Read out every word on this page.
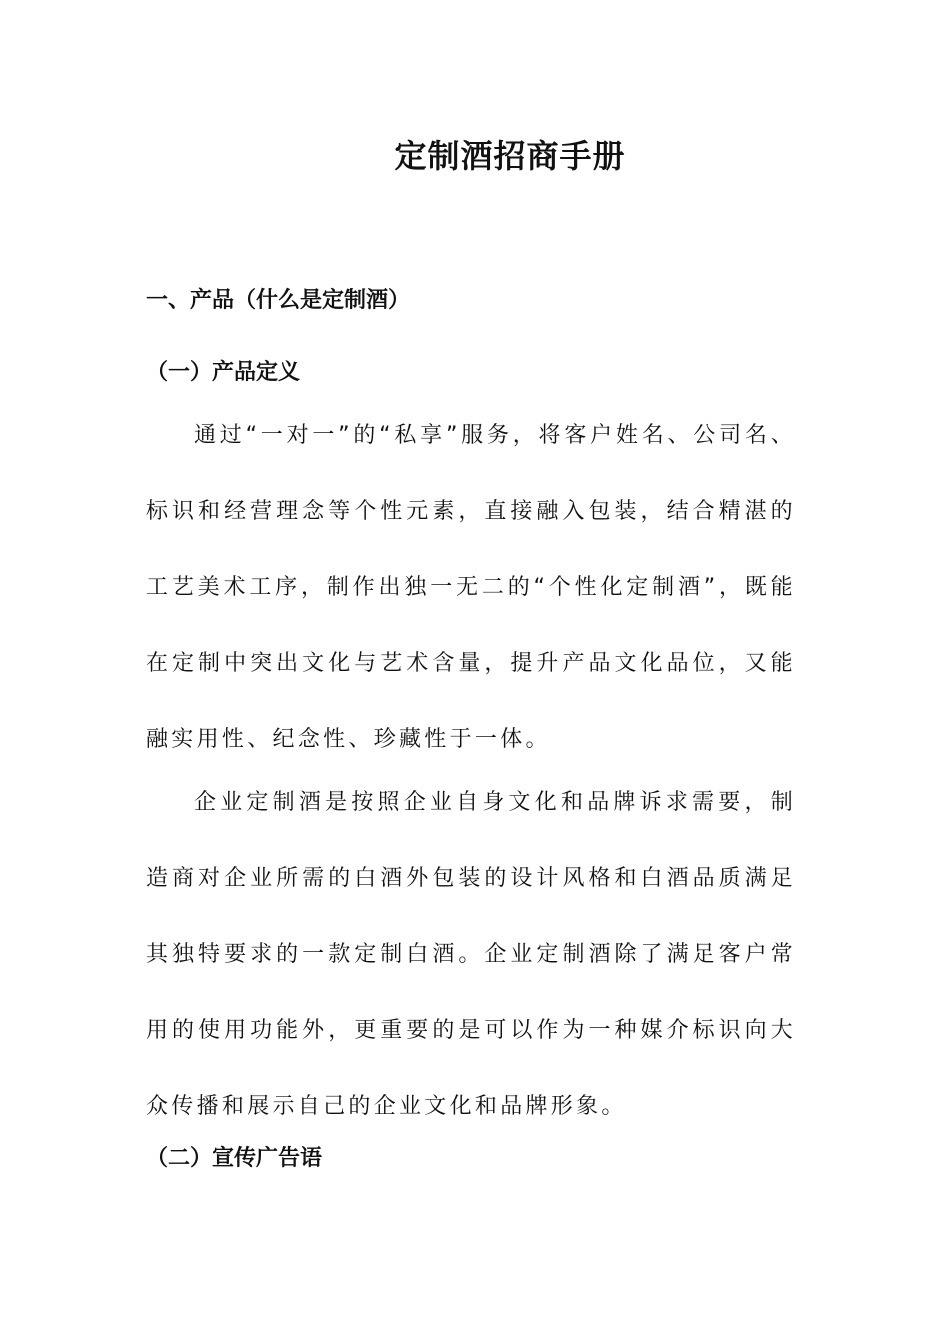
定制酒招商手册
一、产品（什么是定制酒）
（一）产品定义

通过“一对一”的“私享”服务，将客户姓名、公司名、标识和经营理念等个性元素，直接融入包装，结合精湛的工艺美术工序，制作出独一无二的“个性化定制酒”，既能在定制中突出文化与艺术含量，提升产品文化品位，又能融实用性、纪念性、珍藏性于一体。

企业定制酒是按照企业自身文化和品牌诉求需要，制造商对企业所需的白酒外包装的设计风格和白酒品质满足其独特要求的一款定制白酒。企业定制酒除了满足客户常用的使用功能外，更重要的是可以作为一种媒介标识向大众传播和展示自己的企业文化和品牌形象。

（二）宣传广告语
